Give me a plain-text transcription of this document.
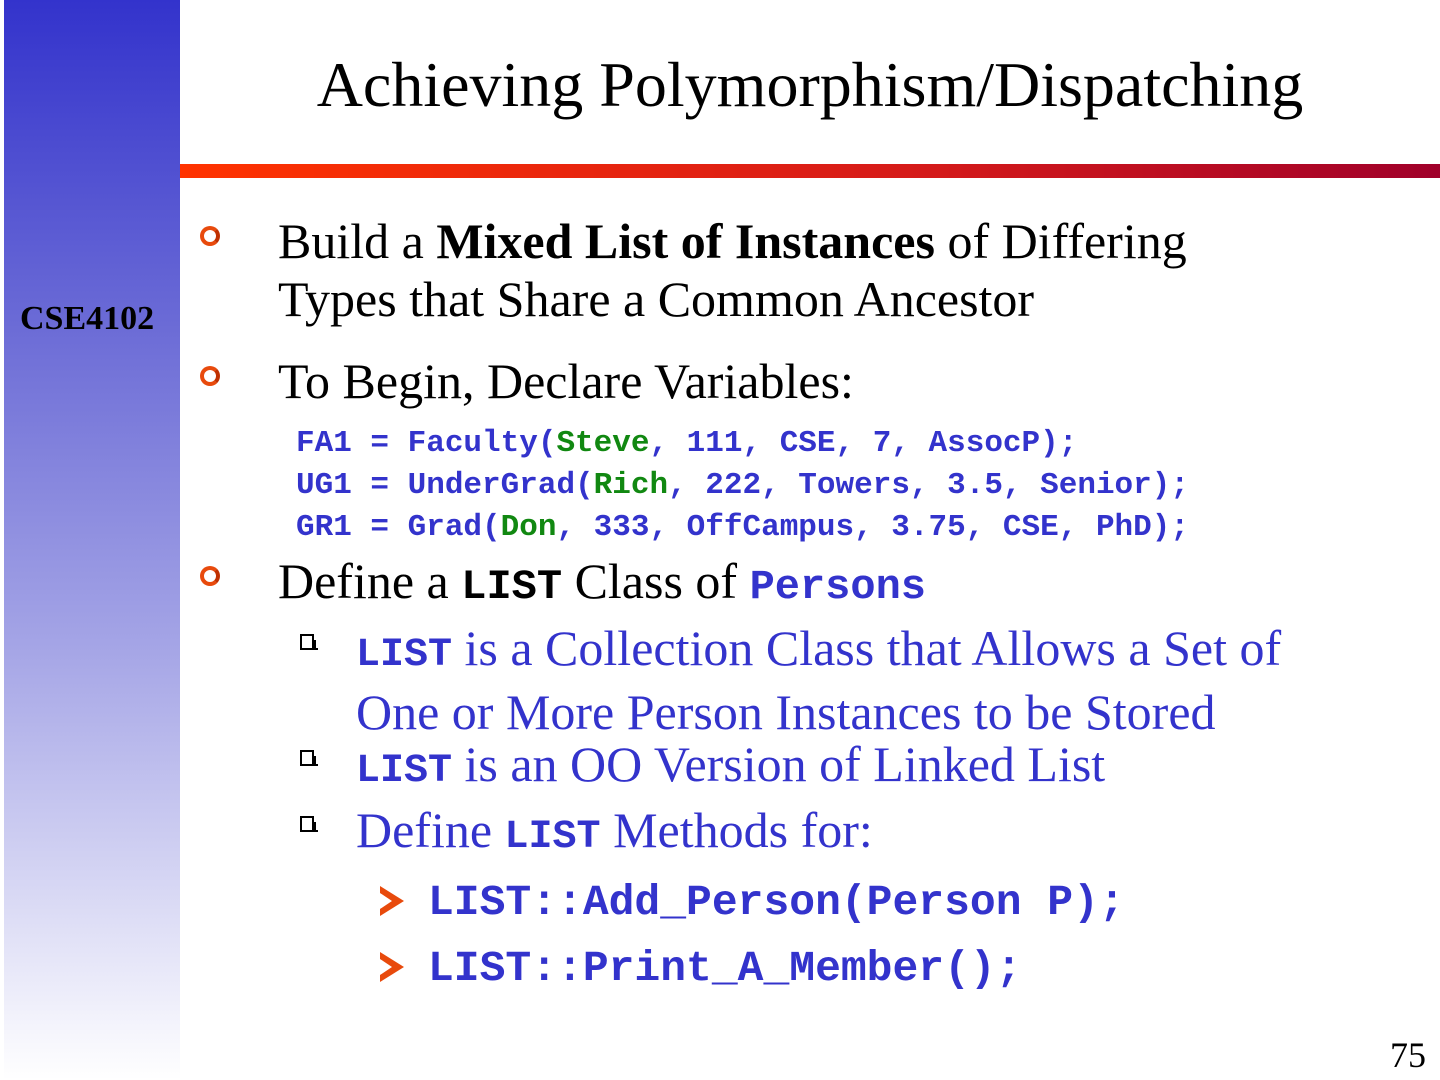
CSE4102
Achieving Polymorphism/Dispatching
Build a Mixed List of Instances of Differing
Types that Share a Common Ancestor
To Begin, Declare Variables:
FA1 = Faculty(Steve, 111, CSE, 7, AssocP);
UG1 = UnderGrad(Rich, 222, Towers, 3.5, Senior);
GR1 = Grad(Don, 333, OffCampus, 3.75, CSE, PhD);
Define a LIST Class of Persons
LIST is a Collection Class that Allows a Set of
One or More Person Instances to be Stored
LIST is an OO Version of Linked List
Define LIST Methods for:
LIST::Add_Person(Person P);
LIST::Print_A_Member();
75
